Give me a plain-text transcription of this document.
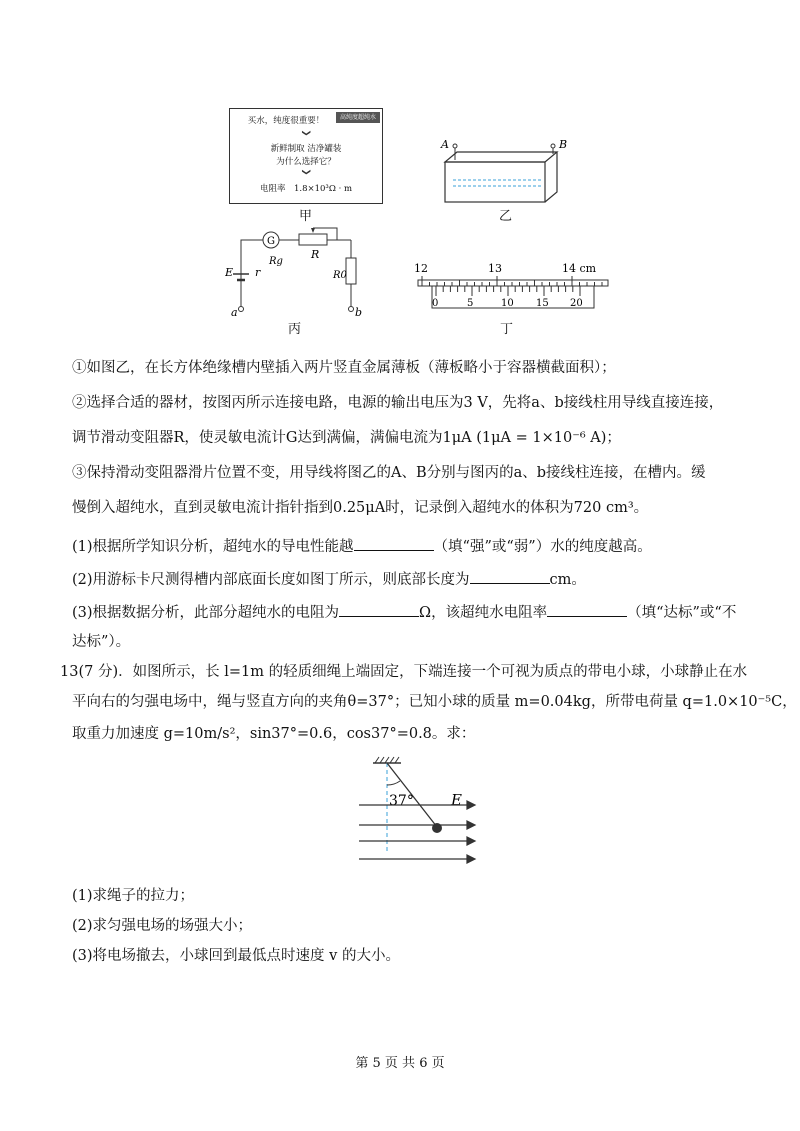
买水，纯度很重要！	高纯度超纯水
❯
新鲜制取 洁净罐装
为什么选择它？
❯
电阻率　1.8×10³Ω · m
甲
A	B
乙
G
E r
Rg
R
R0
a	b
丙
12	13	14 cm
0	5	10 15 20
丁
①如图乙，在长方体绝缘槽内壁插入两片竖直金属薄板（薄板略小于容器横截面积）；
②选择合适的器材，按图丙所示连接电路，电源的输出电压为3 V，先将a、b接线柱用导线直接连接，
调节滑动变阻器R，使灵敏电流计G达到满偏，满偏电流为1μA (1μA = 1×10⁻⁶ A)；
③保持滑动变阻器滑片位置不变，用导线将图乙的A、B分别与图丙的a、b接线柱连接，在槽内。缓
慢倒入超纯水，直到灵敏电流计指针指到0.25μA时，记录倒入超纯水的体积为720 cm³。
(1)根据所学知识分析，超纯水的导电性能越	（填“强”或“弱”）水的纯度越高。
(2)用游标卡尺测得槽内部底面长度如图丁所示，则底部长度为	cm。
(3)根据数据分析，此部分超纯水的电阻为	Ω，该超纯水电阻率	（填“达标”或“不
达标”）。
13(7 分)．如图所示，长 l=1m 的轻质细绳上端固定，下端连接一个可视为质点的带电小球，小球静止在水
平向右的匀强电场中，绳与竖直方向的夹角θ=37°；已知小球的质量 m=0.04kg，所带电荷量 q=1.0×10⁻⁵C，
取重力加速度 g=10m/s²，sin37°=0.6，cos37°=0.8。求：
37° E
(1)求绳子的拉力；
(2)求匀强电场的场强大小；
(3)将电场撤去，小球回到最低点时速度 v 的大小。
第 5 页 共 6 页
